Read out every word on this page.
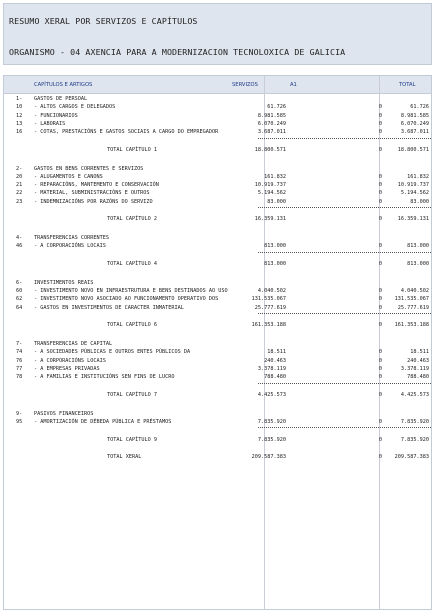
RESUMO XERAL POR SERVIZOS E CAPÍTULOS
ORGANISMO - 04 AXENCIA PARA A MODERNIZACION TECNOLOXICA DE GALICIA
CAPÍTULOS E ARTIGOS	SERVIZOS	A1	TOTAL
1- GASTOS DE PERSOAL
10 - ALTOS CARGOS E DELEGADOS	61.726	0	61.726
12 - FUNCIONARIOS	8.981.585	0	8.981.585
13 - LABORAIS	6.070.249	0	6.070.249
16 - COTAS, PRESTACIÓNS E GASTOS SOCIAIS A CARGO DO EMPREGADOR	3.687.011	0	3.687.011
TOTAL CAPÍTULO 1	18.800.571	0	18.800.571
2- GASTOS EN BENS CORRENTES E SERVIZOS
20 - ALUGAMENTOS E CANONS	161.832	0	161.832
21 - REPARACIÓNS, MANTEMENTO E CONSERVACIÓN	10.919.737	0	10.919.737
22 - MATERIAL, SUBMINISTRACIÓNS E OUTROS	5.194.562	0	5.194.562
23 - INDEMNIZACIÓNS POR RAZÓNS DO SERVIZO	83.000	0	83.000
TOTAL CAPÍTULO 2	16.359.131	0	16.359.131
4- TRANSFERENCIAS CORRENTES
46 - A CORPORACIÓNS LOCAIS	813.000	0	813.000
TOTAL CAPÍTULO 4	813.000	0	813.000
6- INVESTIMENTOS REAIS
60 - INVESTIMENTO NOVO EN INFRAESTRUTURA E BENS DESTINADOS AO USO	4.040.502	0	4.040.502
62 - INVESTIMENTO NOVO ASOCIADO AO FUNCIONAMENTO OPERATIVO DOS	131.535.067	0	131.535.067
64 - GASTOS EN INVESTIMENTOS DE CARACTER INMATERIAL	25.777.619	0	25.777.619
TOTAL CAPÍTULO 6	161.353.188	0	161.353.188
7- TRANSFERENCIAS DE CAPITAL
74 - A SOCIEDADES PÚBLICAS E OUTROS ENTES PÚBLICOS DA	18.511	0	18.511
76 - A CORPORACIÓNS LOCAIS	240.463	0	240.463
77 - A EMPRESAS PRIVADAS	3.378.119	0	3.378.119
78 - A FAMILIAS E INSTITUCIÓNS SEN FINS DE LUCRO	788.480	0	788.480
TOTAL CAPÍTULO 7	4.425.573	0	4.425.573
9- PASIVOS FINANCEIROS
95 - AMORTIZACIÓN DE DÉBEDA PÚBLICA E PRÉSTAMOS	7.835.920	0	7.835.920
TOTAL CAPÍTULO 9	7.835.920	0	7.835.920
TOTAL XERAL	209.587.383	0	209.587.383
